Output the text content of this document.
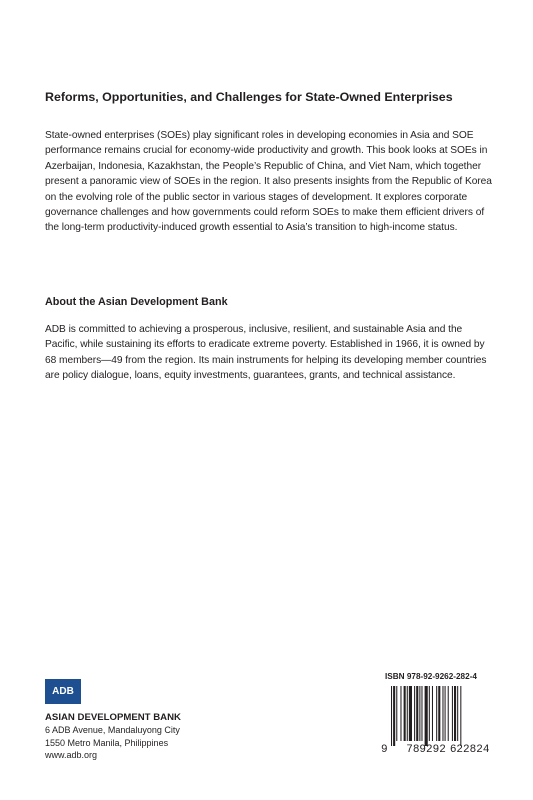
Reforms, Opportunities, and Challenges for State-Owned Enterprises

State-owned enterprises (SOEs) play significant roles in developing economies in Asia and SOE performance remains crucial for economy-wide productivity and growth. This book looks at SOEs in Azerbaijan, Indonesia, Kazakhstan, the People’s Republic of China, and Viet Nam, which together present a panoramic view of SOEs in the region. It also presents insights from the Republic of Korea on the evolving role of the public sector in various stages of development. It explores corporate governance challenges and how governments could reform SOEs to make them efficient drivers of the long-term productivity-induced growth essential to Asia’s transition to high-income status.

About the Asian Development Bank

ADB is committed to achieving a prosperous, inclusive, resilient, and sustainable Asia and the Pacific, while sustaining its efforts to eradicate extreme poverty. Established in 1966, it is owned by 68 members—49 from the region. Its main instruments for helping its developing member countries are policy dialogue, loans, equity investments, guarantees, grants, and technical assistance.

ADB
ASIAN DEVELOPMENT BANK
6 ADB Avenue, Mandaluyong City
1550 Metro Manila, Philippines
www.adb.org
ISBN 978-92-9262-282-4
9 789292 622824
